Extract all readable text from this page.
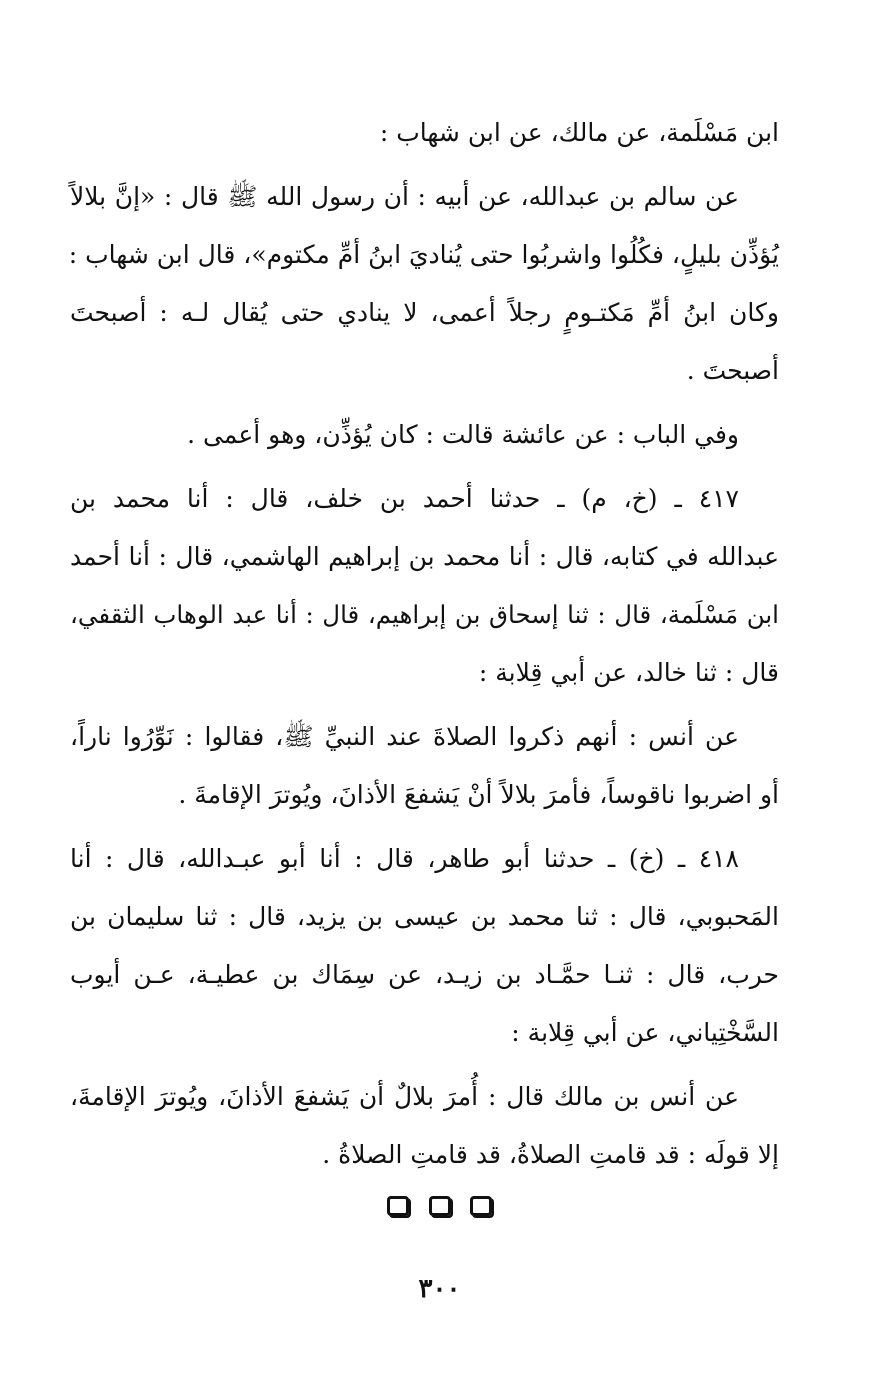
ابن مَسْلَمة، عن مالك، عن ابن شهاب :
عن سالم بن عبدالله، عن أبيه : أن رسول الله ﷺ قال : «إنَّ بلالاً
يُؤذِّن بليلٍ، فكُلُوا واشربُوا حتى يُناديَ ابنُ أمِّ مكتوم»، قال ابن شهاب :
وكان ابنُ أمِّ مَكتـومٍ رجلاً أعمى، لا ينادي حتى يُقال لـه : أصبحتَ
أصبحتَ .
وفي الباب : عن عائشة قالت : كان يُؤذِّن، وهو أعمى .
٤١٧ ـ (خ، م) ـ حدثنا أحمد بن خلف، قال : أنا محمد بن
عبدالله في كتابه، قال : أنا محمد بن إبراهيم الهاشمي، قال : أنا أحمد
ابن مَسْلَمة، قال : ثنا إسحاق بن إبراهيم، قال : أنا عبد الوهاب الثقفي،
قال : ثنا خالد، عن أبي قِلابة :
عن أنس : أنهم ذكروا الصلاةَ عند النبيِّ ﷺ، فقالوا : نَوِّرُوا ناراً،
أو اضربوا ناقوساً، فأمرَ بلالاً أنْ يَشفعَ الأذانَ، ويُوترَ الإقامةَ .
٤١٨ ـ (خ) ـ حدثنا أبو طاهر، قال : أنا أبو عبـدالله، قال : أنا
المَحبوبي، قال : ثنا محمد بن عيسى بن يزيد، قال : ثنا سليمان بن
حرب، قال : ثنـا حمَّـاد بن زيـد، عن سِمَاك بن عطيـة، عـن أيوب
السَّخْتِياني، عن أبي قِلابة :
عن أنس بن مالك قال : أُمرَ بلالٌ أن يَشفعَ الأذانَ، ويُوترَ الإقامةَ،
إلا قولَه : قد قامتِ الصلاةُ، قد قامتِ الصلاةُ .

٣٠٠
